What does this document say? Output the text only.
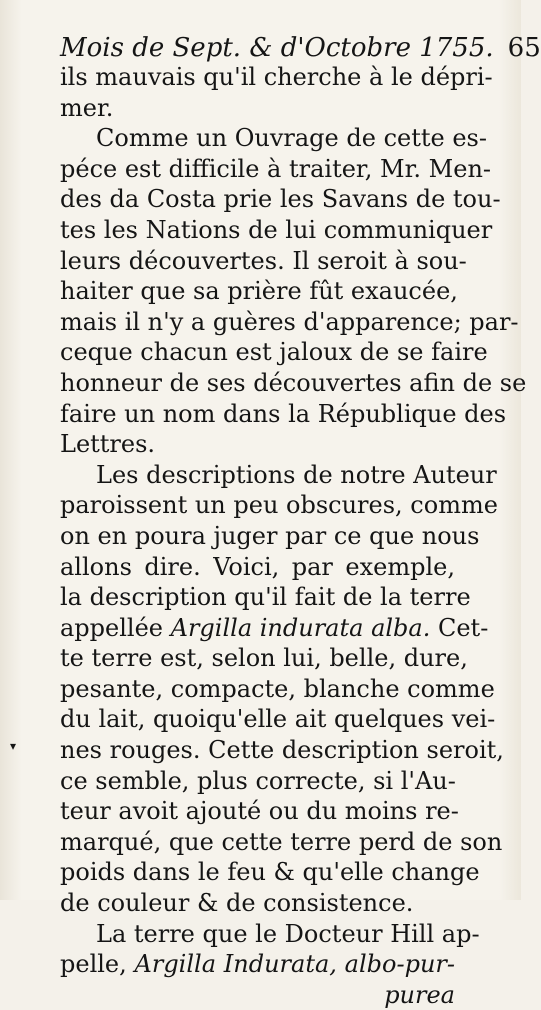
Mois de Sept. & d'Octobre 1755. 65
ils mauvais qu'il cherche à le dépri-
mer.
Comme un Ouvrage de cette es-
péce est difficile à traiter, Mr. Men-
des da Costa prie les Savans de tou-
tes les Nations de lui communiquer
leurs découvertes. Il seroit à sou-
haiter que sa prière fût exaucée,
mais il n'y a guères d'apparence; par-
ceque chacun est jaloux de se faire
honneur de ses découvertes afin de se
faire un nom dans la République des
Lettres.
Les descriptions de notre Auteur
paroissent un peu obscures, comme
on en poura juger par ce que nous
allons dire. Voici, par exemple,
la description qu'il fait de la terre
appellée Argilla indurata alba. Cet-
te terre est, selon lui, belle, dure,
pesante, compacte, blanche comme
du lait, quoiqu'elle ait quelques vei-
nes rouges. Cette description seroit,
ce semble, plus correcte, si l'Au-
teur avoit ajouté ou du moins re-
marqué, que cette terre perd de son
poids dans le feu & qu'elle change
de couleur & de consistence.
La terre que le Docteur Hill ap-
pelle, Argilla Indurata, albo-pur-
purea
▾
